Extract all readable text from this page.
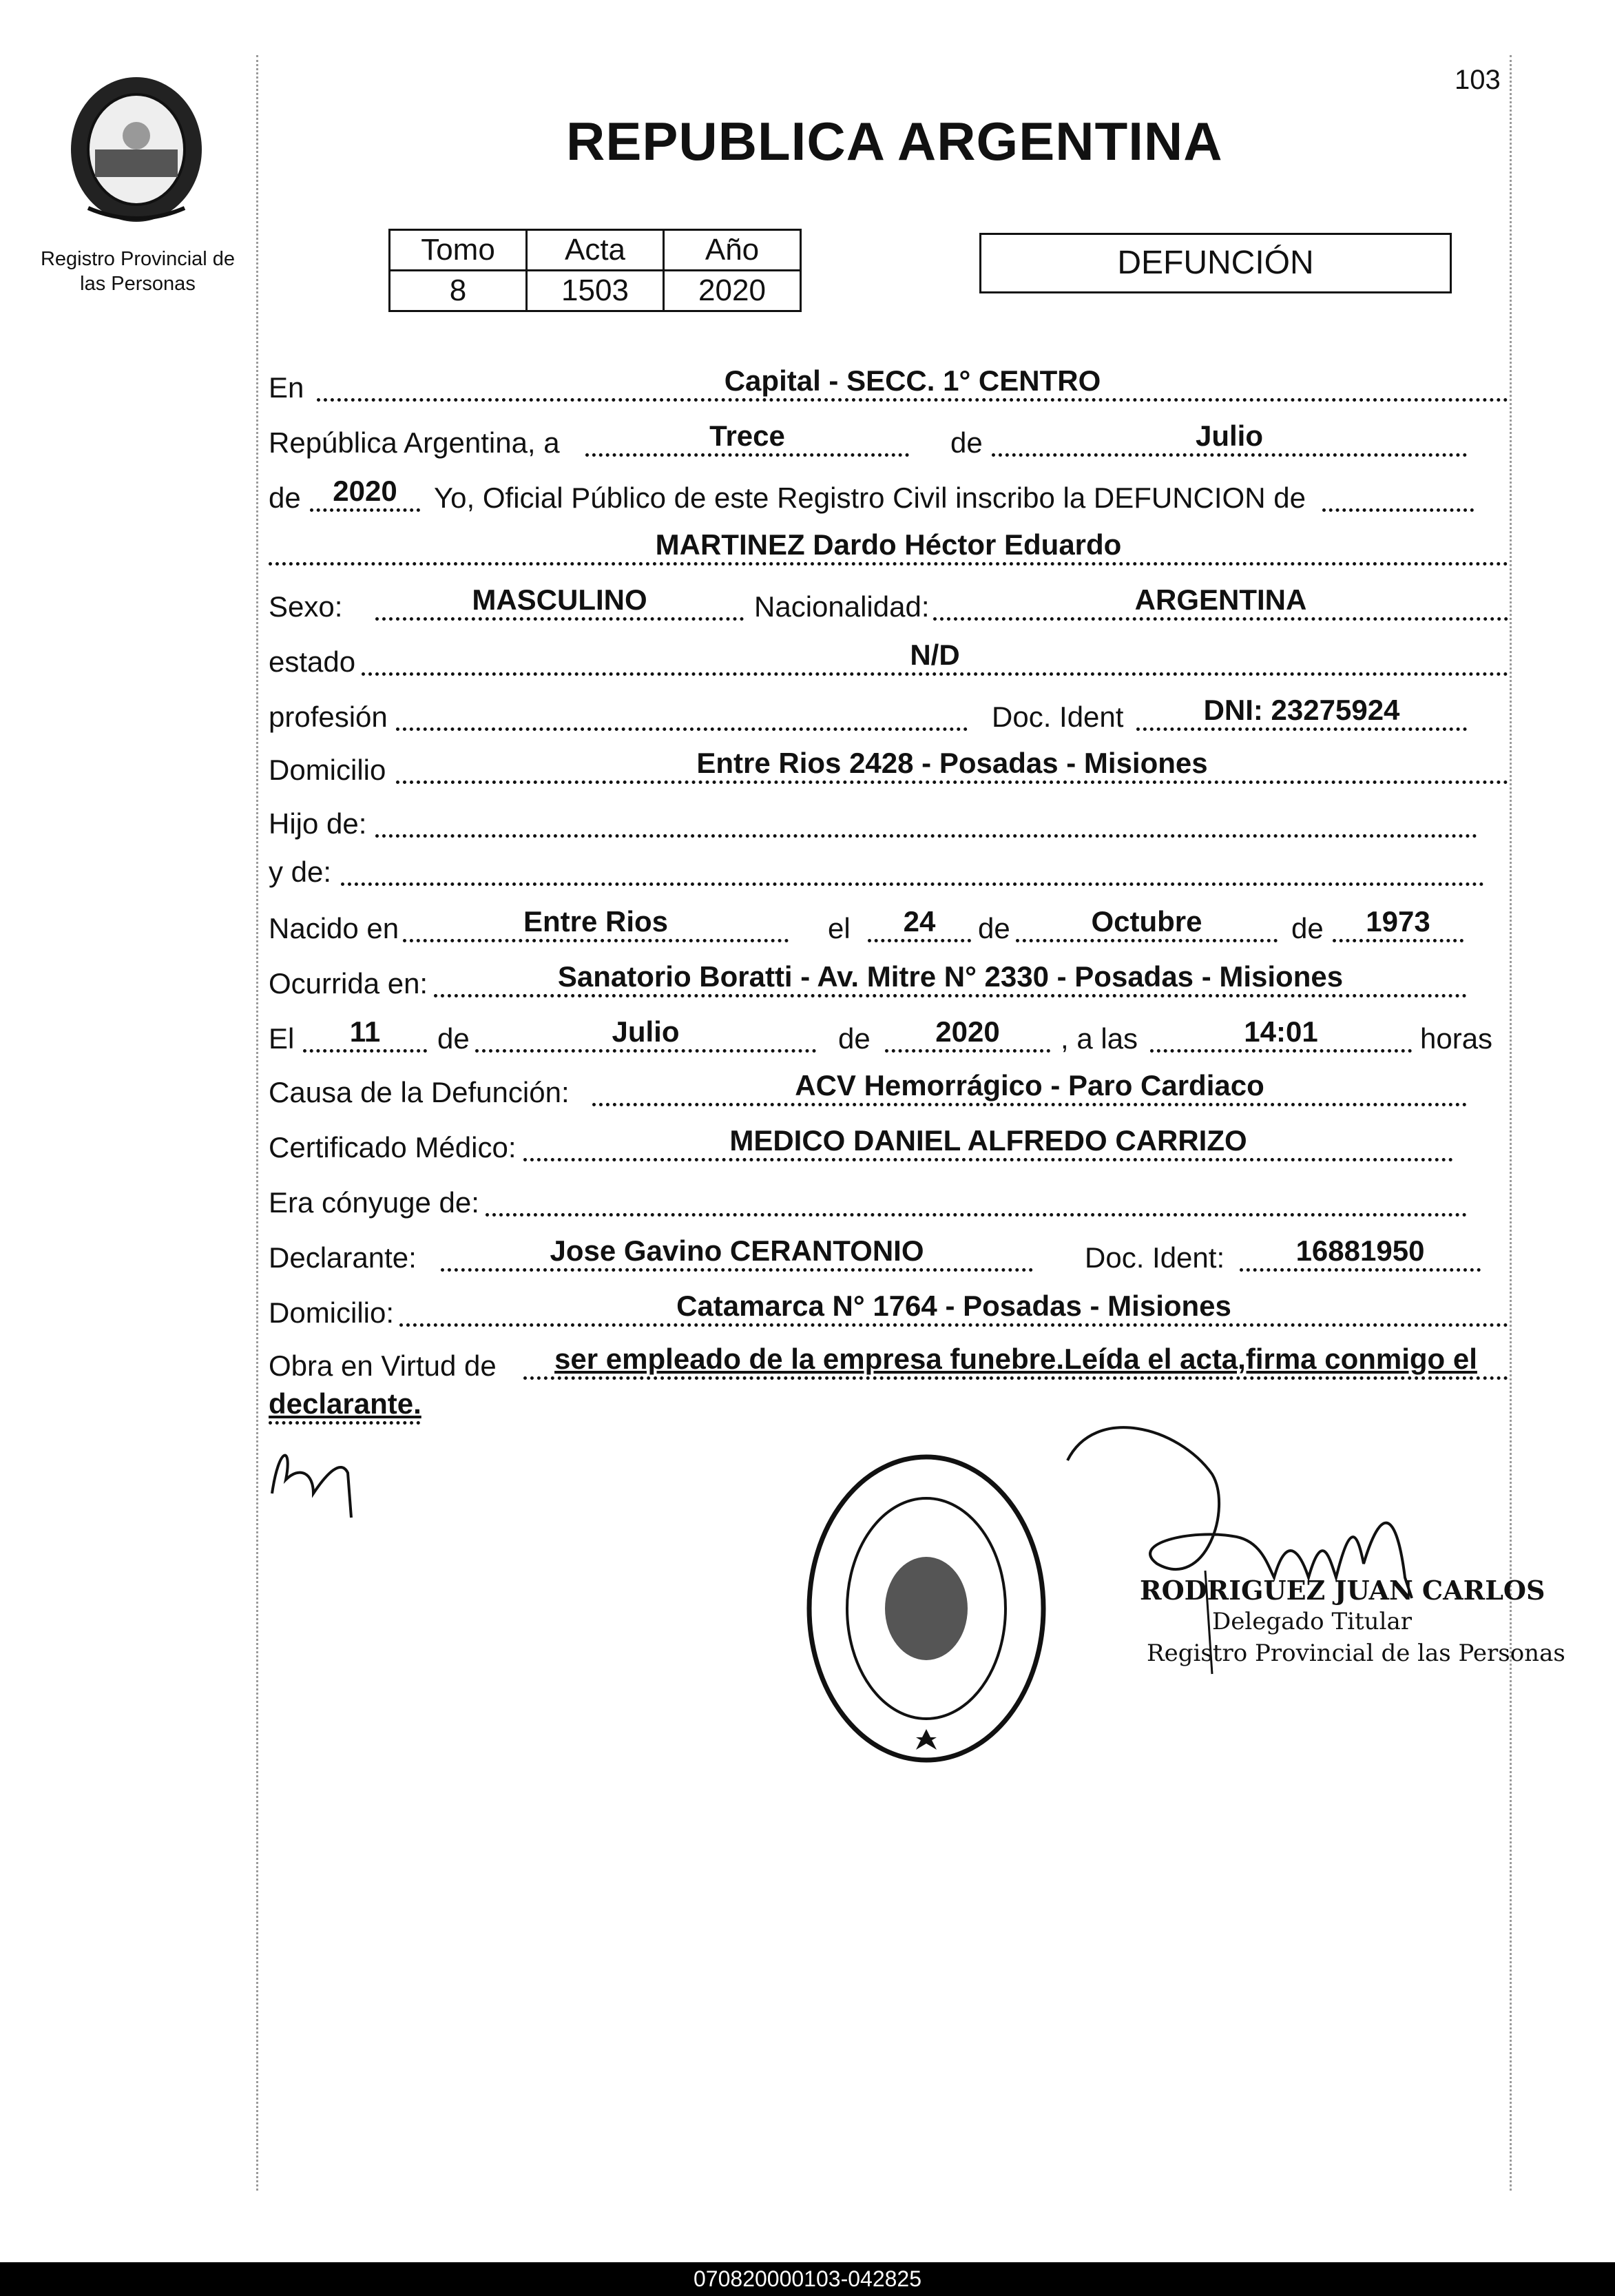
Registro Provincial de
las Personas
103
REPUBLICA ARGENTINA
Tomo	Acta	Año
8	1503	2020
DEFUNCIÓN
En	Capital - SECC. 1° CENTRO
República Argentina, a	Trece	de	Julio
de	2020	Yo, Oficial Público de este Registro Civil inscribo la DEFUNCION de
MARTINEZ Dardo Héctor Eduardo
Sexo:	MASCULINO	Nacionalidad:	ARGENTINA
estado	N/D
profesión	Doc. Ident	DNI: 23275924
Domicilio	Entre Rios 2428 - Posadas - Misiones
Hijo de:
y de:
Nacido en	Entre Rios	el	24	de	Octubre	de	1973
Ocurrida en:	Sanatorio Boratti - Av. Mitre N° 2330 - Posadas - Misiones
El	11	de	Julio	de	2020	, a las	14:01	horas
Causa de la Defunción:	ACV Hemorrágico - Paro Cardiaco
Certificado Médico:	MEDICO DANIEL ALFREDO CARRIZO
Era cónyuge de:
Declarante:	Jose Gavino CERANTONIO	Doc. Ident:	16881950
Domicilio:	Catamarca N° 1764 - Posadas - Misiones
Obra en Virtud de	ser empleado de la empresa funebre.Leída el acta,firma conmigo el
declarante.
RODRIGUEZ JUAN CARLOS
Delegado Titular
Registro Provincial de las Personas
070820000103-042825
